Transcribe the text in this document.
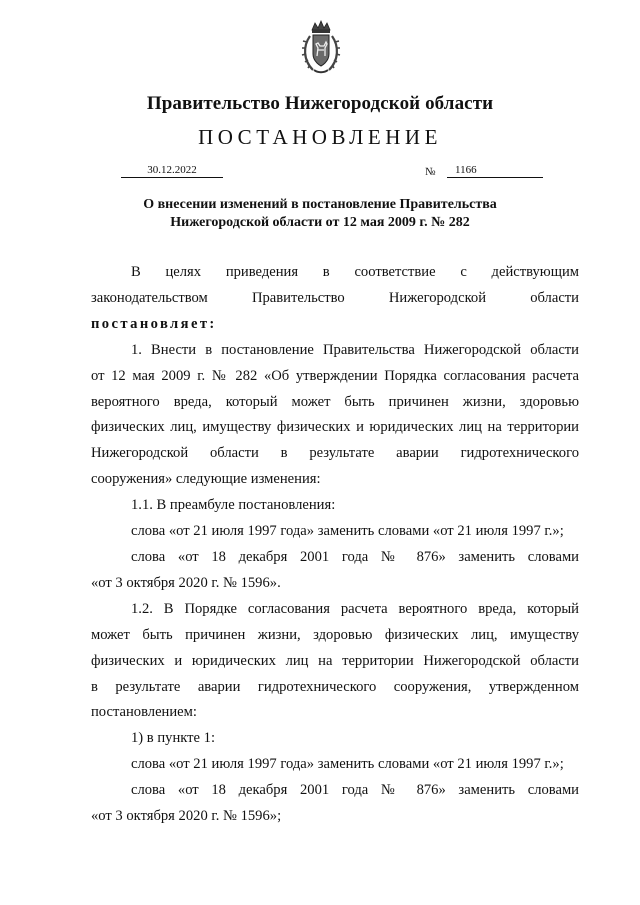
Правительство Нижегородской области
ПОСТАНОВЛЕНИЕ
30.12.2022	№	1166
О внесении изменений в постановление Правительства
Нижегородской области от 12 мая 2009 г. № 282

В целях приведения в соответствие с действующим

законодательством Правительство Нижегородской области

постановляет:

1. Внести в постановление Правительства Нижегородской области

от 12 мая 2009 г. № 282 «Об утверждении Порядка согласования расчета

вероятного вреда, который может быть причинен жизни, здоровью

физических лиц, имуществу физических и юридических лиц на территории

Нижегородской области в результате аварии гидротехнического

сооружения» следующие изменения:

1.1. В преамбуле постановления:

слова «от 21 июля 1997 года» заменить словами «от 21 июля 1997 г.»;

слова «от 18 декабря 2001 года № 876» заменить словами

«от 3 октября 2020 г. № 1596».

1.2. В Порядке согласования расчета вероятного вреда, который

может быть причинен жизни, здоровью физических лиц, имуществу

физических и юридических лиц на территории Нижегородской области

в результате аварии гидротехнического сооружения, утвержденном

постановлением:

1) в пункте 1:

слова «от 21 июля 1997 года» заменить словами «от 21 июля 1997 г.»;

слова «от 18 декабря 2001 года № 876» заменить словами

«от 3 октября 2020 г. № 1596»;
